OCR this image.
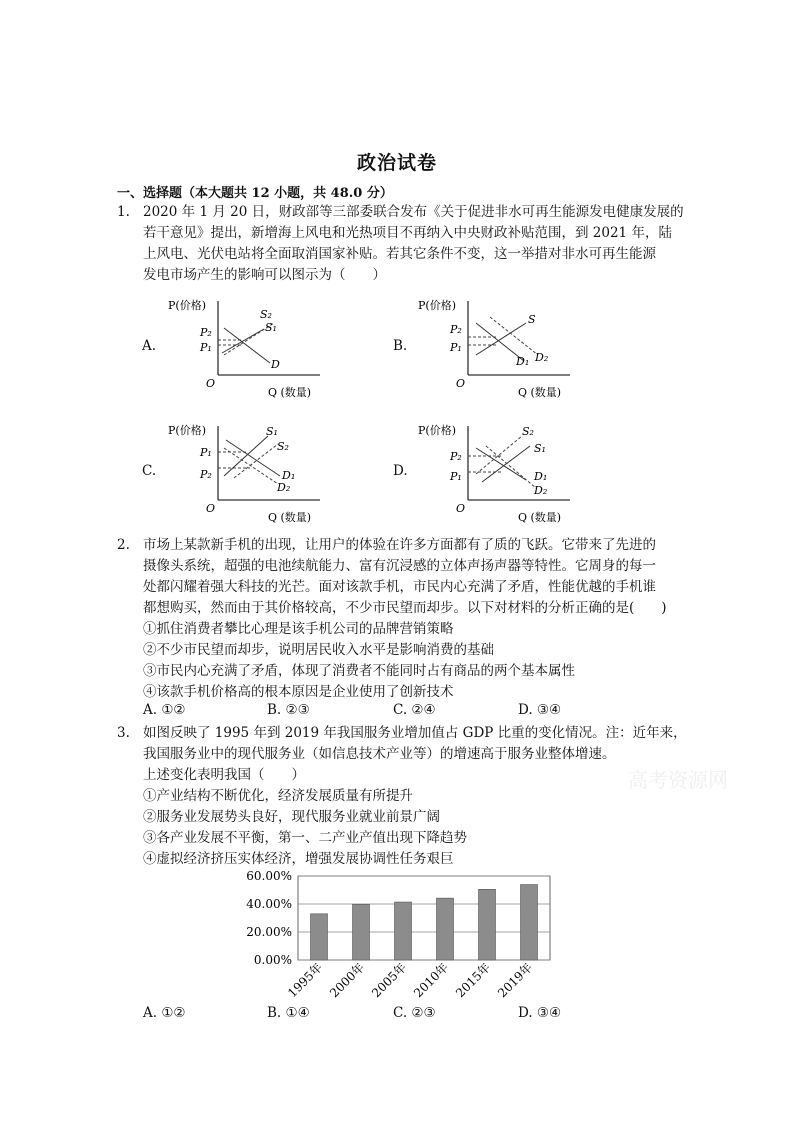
政治试卷
一、选择题（本大题共 12 小题，共 48.0 分）
1. 2020 年 1 月 20 日，财政部等三部委联合发布《关于促进非水可再生能源发电健康发展的
若干意见》提出，新增海上风电和光热项目不再纳入中央财政补贴范围，到 2021 年，陆
上风电、光伏电站将全面取消国家补贴。若其它条件不变，这一举措对非水可再生能源
发电市场产生的影响可以图示为（　　）
A.	B.
C.	D.
P(价格)
Q (数量)
O
P₂
P₁
S₂
S₁
D
P(价格)
Q (数量)
O
P₂
P₁
S
D₁ D₂
P(价格)
Q (数量)
O
P₁
P₂
S₁
S₂
D₁
D₂
P(价格)
Q (数量)
O
P₂
P₁
S₂
S₁
D₁
D₂
2. 市场上某款新手机的出现，让用户的体验在许多方面都有了质的飞跃。它带来了先进的
摄像头系统，超强的电池续航能力、富有沉浸感的立体声扬声器等特性。它周身的每一
处都闪耀着强大科技的光芒。面对该款手机，市民内心充满了矛盾，性能优越的手机谁
都想购买，然而由于其价格较高，不少市民望而却步。以下对材料的分析正确的是(　　)
①抓住消费者攀比心理是该手机公司的品牌营销策略
②不少市民望而却步，说明居民收入水平是影响消费的基础
③市民内心充满了矛盾，体现了消费者不能同时占有商品的两个基本属性
④该款手机价格高的根本原因是企业使用了创新技术
A. ①②	B. ②③	C. ②④	D. ③④
3. 如图反映了 1995 年到 2019 年我国服务业增加值占 GDP 比重的变化情况。注：近年来，
我国服务业中的现代服务业（如信息技术产业等）的增速高于服务业整体增速。
上述变化表明我国（　　）
①产业结构不断优化，经济发展质量有所提升
②服务业发展势头良好，现代服务业就业前景广阔
③各产业发展不平衡，第一、二产业产值出现下降趋势
④虚拟经济挤压实体经济，增强发展协调性任务艰巨
高考资源网
0.00%
20.00%
40.00%
60.00%
1995年 2000年 2005年 2010年 2015年 2019年
A. ①②	B. ①④	C. ②③	D. ③④
